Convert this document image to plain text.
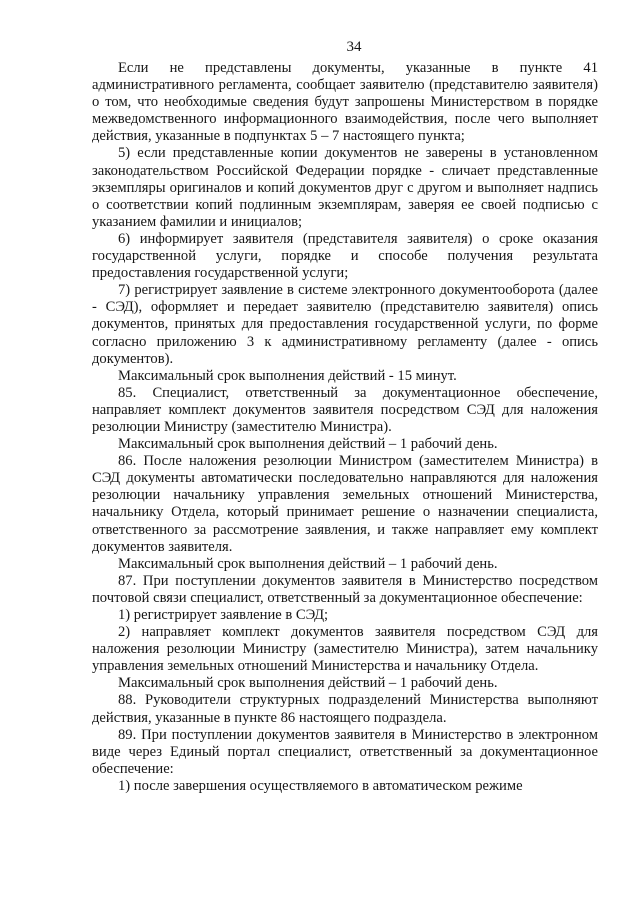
34

Если не представлены документы, указанные в пункте 41 административного регламента, сообщает заявителю (представителю заявителя) о том, что необходимые сведения будут запрошены Министерством в порядке межведомственного информационного взаимодействия, после чего выполняет действия, указанные в подпунктах 5 – 7 настоящего пункта;

5) если представленные копии документов не заверены в установленном законодательством Российской Федерации порядке - сличает представленные экземпляры оригиналов и копий документов друг с другом и выполняет надпись о соответствии копий подлинным экземплярам, заверяя ее своей подписью с указанием фамилии и инициалов;

6) информирует заявителя (представителя заявителя) о сроке оказания государственной услуги, порядке и способе получения результата предоставления государственной услуги;

7) регистрирует заявление в системе электронного документооборота (далее - СЭД), оформляет и передает заявителю (представителю заявителя) опись документов, принятых для предоставления государственной услуги, по форме согласно приложению 3 к административному регламенту (далее - опись документов).

Максимальный срок выполнения действий - 15 минут.

85. Специалист, ответственный за документационное обеспечение, направляет комплект документов заявителя посредством СЭД для наложения резолюции Министру (заместителю Министра).

Максимальный срок выполнения действий – 1 рабочий день.

86. После наложения резолюции Министром (заместителем Министра) в СЭД документы автоматически последовательно направляются для наложения резолюции начальнику управления земельных отношений Министерства, начальнику Отдела, который принимает решение о назначении специалиста, ответственного за рассмотрение заявления, и также направляет ему комплект документов заявителя.

Максимальный срок выполнения действий – 1 рабочий день.

87. При поступлении документов заявителя в Министерство посредством почтовой связи специалист, ответственный за документационное обеспечение:

1) регистрирует заявление в СЭД;

2) направляет комплект документов заявителя посредством СЭД для наложения резолюции Министру (заместителю Министра), затем начальнику управления земельных отношений Министерства и начальнику Отдела.

Максимальный срок выполнения действий – 1 рабочий день.

88. Руководители структурных подразделений Министерства выполняют действия, указанные в пункте 86 настоящего подраздела.

89. При поступлении документов заявителя в Министерство в электронном виде через Единый портал специалист, ответственный за документационное обеспечение:

1) после завершения осуществляемого в автоматическом режиме
